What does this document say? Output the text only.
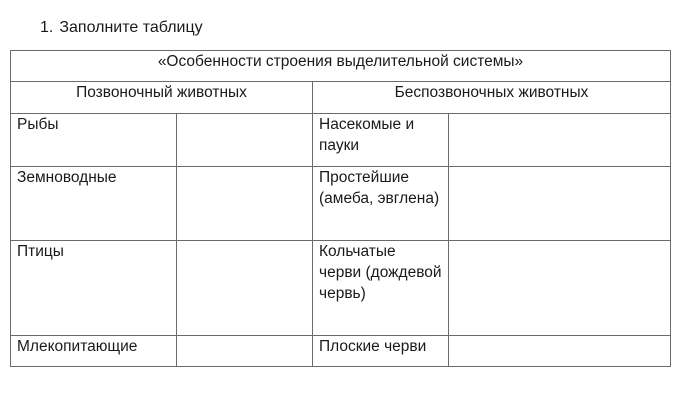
1. Заполните таблицу
«Особенности строения выделительной системы»			
Позвоночный животных		Беспозвоночных животных	
Рыбы		Насекомые и пауки	
Земноводные		Простейшие (амеба, эвглена)	
Птицы		Кольчатые черви (дождевой червь)	
Млекопитающие		Плоские черви	
